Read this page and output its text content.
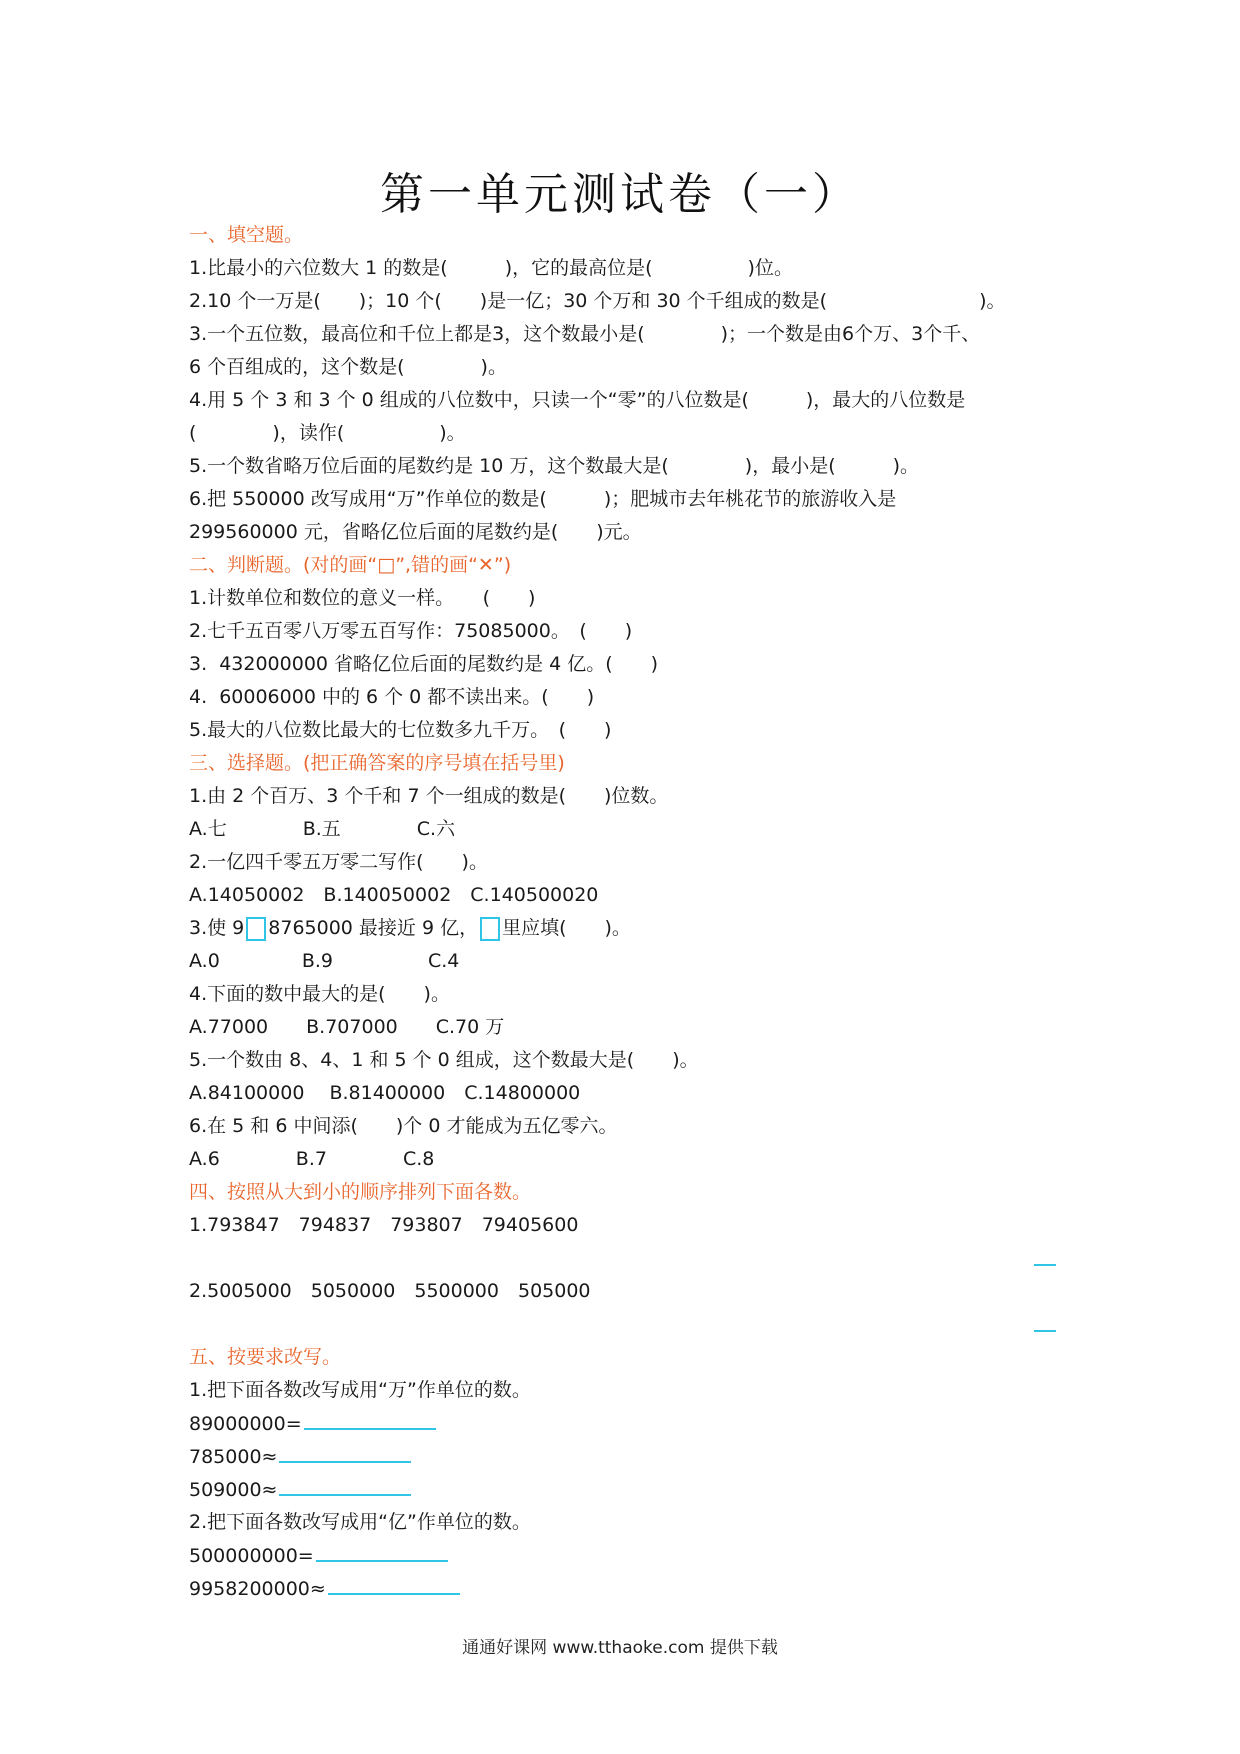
第一单元测试卷（一）
一、填空题。
1.比最小的六位数大 1 的数是(　　　)，它的最高位是(　　　　　)位。
2.10 个一万是(　　)；10 个(　　)是一亿；30 个万和 30 个千组成的数是(　　　　　　　　)。
3.一个五位数，最高位和千位上都是3，这个数最小是(　　　　)；一个数是由6个万、3个千、
6 个百组成的，这个数是(　　　　)。
4.用 5 个 3 和 3 个 0 组成的八位数中，只读一个“零”的八位数是(　　　)，最大的八位数是
(　　　　)，读作(　　　　　)。
5.一个数省略万位后面的尾数约是 10 万，这个数最大是(　　　　)，最小是(　　　)。
6.把 550000 改写成用“万”作单位的数是(　　　)；肥城市去年桃花节的旅游收入是
299560000 元，省略亿位后面的尾数约是(　　)元。
二、判断题。(对的画“□”,错的画“✕”)
1.计数单位和数位的意义一样。　　(　　)
2.七千五百零八万零五百写作：75085000。　(　　)
3.  432000000 省略亿位后面的尾数约是 4 亿。(　　)
4.  60006000 中的 6 个 0 都不读出来。(　　)
5.最大的八位数比最大的七位数多九千万。　(　　)
三、选择题。(把正确答案的序号填在括号里)
1.由 2 个百万、3 个千和 7 个一组成的数是(　　)位数。
A.七　　　　B.五　　　　C.六
2.一亿四千零五万零二写作(　　)。
A.14050002　B.140050002　C.140500020
3.使 9 8765000 最接近 9 亿， 里应填(　　)。
A.0　　　　 B.9　　　　　C.4
4.下面的数中最大的是(　　)。
A.77000　　B.707000　　C.70 万
5.一个数由 8、4、1 和 5 个 0 组成，这个数最大是(　　)。
A.84100000　 B.81400000　C.14800000
6.在 5 和 6 中间添(　　)个 0 才能成为五亿零六。
A.6　　　　B.7　　　　C.8
四、按照从大到小的顺序排列下面各数。
1.793847　794837　793807　79405600
2.5005000　5050000　5500000　505000
五、按要求改写。
1.把下面各数改写成用“万”作单位的数。
89000000=
785000≈
509000≈
2.把下面各数改写成用“亿”作单位的数。
500000000=
9958200000≈
通通好课网 www.tthaoke.com 提供下载
